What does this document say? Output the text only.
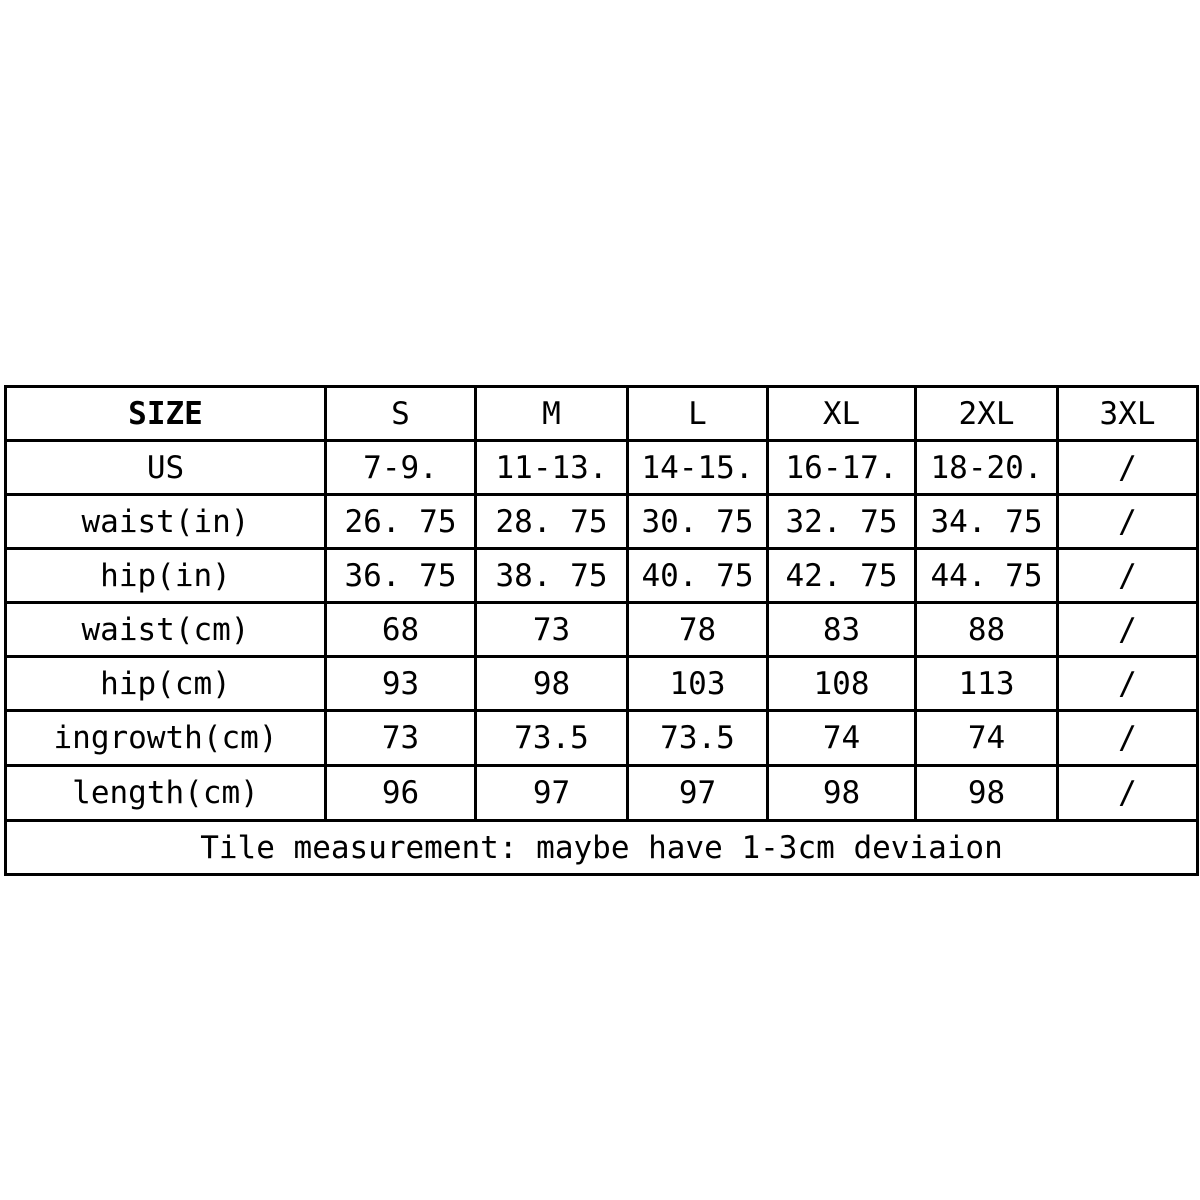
SIZE	S	M	L	XL	2XL	3XL
US	7-9.	11-13.	14-15.	16-17.	18-20.	/
waist(in)	26. 75	28. 75	30. 75	32. 75	34. 75	/
hip(in)	36. 75	38. 75	40. 75	42. 75	44. 75	/
waist(cm)	68	73	78	83	88	/
hip(cm)	93	98	103	108	113	/
ingrowth(cm)	73	73.5	73.5	74	74	/
length(cm)	96	97	97	98	98	/
Tile measurement: maybe have 1-3cm deviaion						
